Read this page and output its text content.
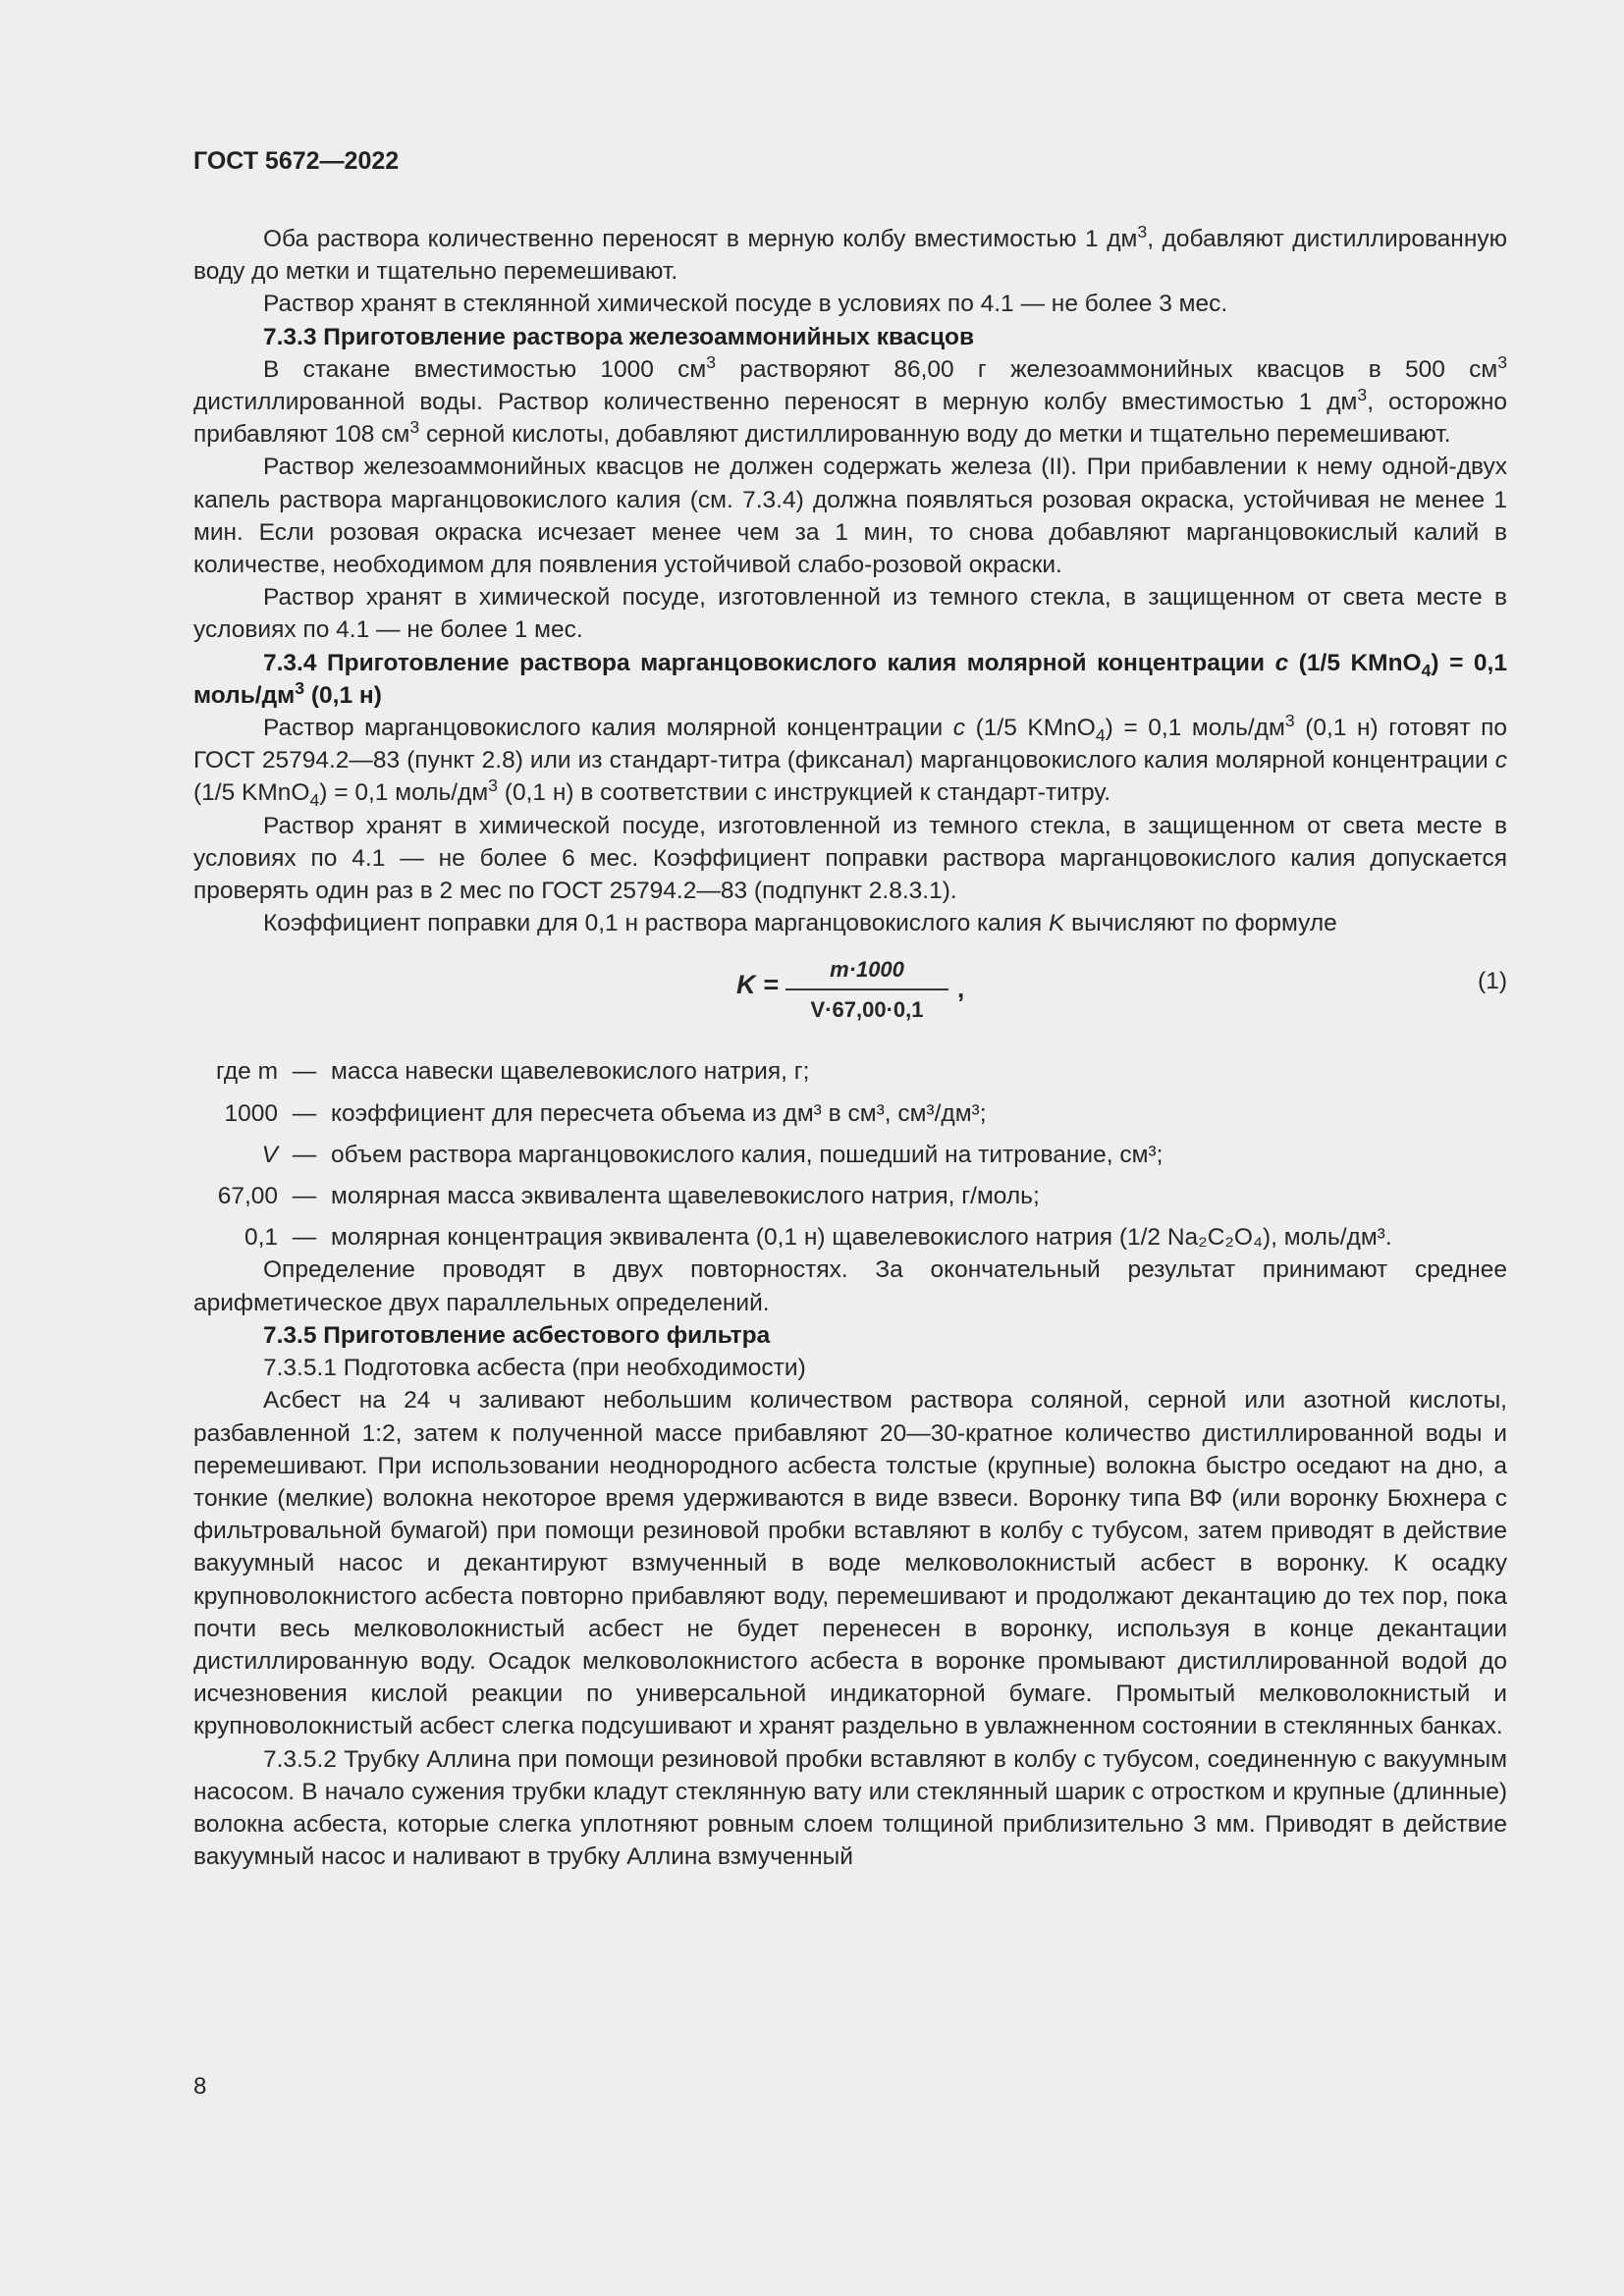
ГОСТ 5672—2022

Оба раствора количественно переносят в мерную колбу вместимостью 1 $дм^3$, добавляют дистиллированную воду до метки и тщательно перемешивают.

Раствор хранят в стеклянной химической посуде в условиях по 4.1 — не более 3 мес.

7.3.3 Приготовление раствора железоаммонийных квасцов

В стакане вместимостью 1000 $см^3$ растворяют 86,00 г железоаммонийных квасцов в 500 $см^3$ дистиллированной воды. Раствор количественно переносят в мерную колбу вместимостью 1 $дм^3$, осторожно прибавляют 108 $см^3$ серной кислоты, добавляют дистиллированную воду до метки и тщательно перемешивают.

Раствор железоаммонийных квасцов не должен содержать железа (II). При прибавлении к нему одной-двух капель раствора марганцовокислого калия (см. 7.3.4) должна появляться розовая окраска, устойчивая не менее 1 мин. Если розовая окраска исчезает менее чем за 1 мин, то снова добавляют марганцовокислый калий в количестве, необходимом для появления устойчивой слабо-розовой окраски.

Раствор хранят в химической посуде, изготовленной из темного стекла, в защищенном от света месте в условиях по 4.1 — не более 1 мес.

7.3.4 Приготовление раствора марганцовокислого калия молярной концентрации c (1/5 KMnO$_4$) = 0,1 моль/$дм^3$ (0,1 н)

Раствор марганцовокислого калия молярной концентрации c (1/5 KMnO$_4$) = 0,1 моль/$дм^3$ (0,1 н) готовят по ГОСТ 25794.2—83 (пункт 2.8) или из стандарт-титра (фиксанал) марганцовокислого калия молярной концентрации c (1/5 KMnO$_4$) = 0,1 моль/$дм^3$ (0,1 н) в соответствии с инструкцией к стандарт-титру.

Раствор хранят в химической посуде, изготовленной из темного стекла, в защищенном от света месте в условиях по 4.1 — не более 6 мес. Коэффициент поправки раствора марганцовокислого калия допускается проверять один раз в 2 мес по ГОСТ 25794.2—83 (подпункт 2.8.3.1).

Коэффициент поправки для 0,1 н раствора марганцовокислого калия K вычисляют по формуле

K =
m·1000
V·67,00·0,1
,	(1)
где m — масса навески щавелевокислого натрия, г;
1000 — коэффициент для пересчета объема из дм³ в см³, см³/дм³;
V — объем раствора марганцовокислого калия, пошедший на титрование, см³;
67,00 — молярная масса эквивалента щавелевокислого натрия, г/моль;
0,1 — молярная концентрация эквивалента (0,1 н) щавелевокислого натрия (1/2 Na₂C₂O₄), моль/дм³.

Определение проводят в двух повторностях. За окончательный результат принимают среднее арифметическое двух параллельных определений.

7.3.5 Приготовление асбестового фильтра

7.3.5.1 Подготовка асбеста (при необходимости)

Асбест на 24 ч заливают небольшим количеством раствора соляной, серной или азотной кислоты, разбавленной 1:2, затем к полученной массе прибавляют 20—30-кратное количество дистиллированной воды и перемешивают. При использовании неоднородного асбеста толстые (крупные) волокна быстро оседают на дно, а тонкие (мелкие) волокна некоторое время удерживаются в виде взвеси. Воронку типа ВФ (или воронку Бюхнера с фильтровальной бумагой) при помощи резиновой пробки вставляют в колбу с тубусом, затем приводят в действие вакуумный насос и декантируют взмученный в воде мелковолокнистый асбест в воронку. К осадку крупноволокнистого асбеста повторно прибавляют воду, перемешивают и продолжают декантацию до тех пор, пока почти весь мелковолокнистый асбест не будет перенесен в воронку, используя в конце декантации дистиллированную воду. Осадок мелковолокнистого асбеста в воронке промывают дистиллированной водой до исчезновения кислой реакции по универсальной индикаторной бумаге. Промытый мелковолокнистый и крупноволокнистый асбест слегка подсушивают и хранят раздельно в увлажненном состоянии в стеклянных банках.

7.3.5.2 Трубку Аллина при помощи резиновой пробки вставляют в колбу с тубусом, соединенную с вакуумным насосом. В начало сужения трубки кладут стеклянную вату или стеклянный шарик с отростком и крупные (длинные) волокна асбеста, которые слегка уплотняют ровным слоем толщиной приблизительно 3 мм. Приводят в действие вакуумный насос и наливают в трубку Аллина взмученный

8
